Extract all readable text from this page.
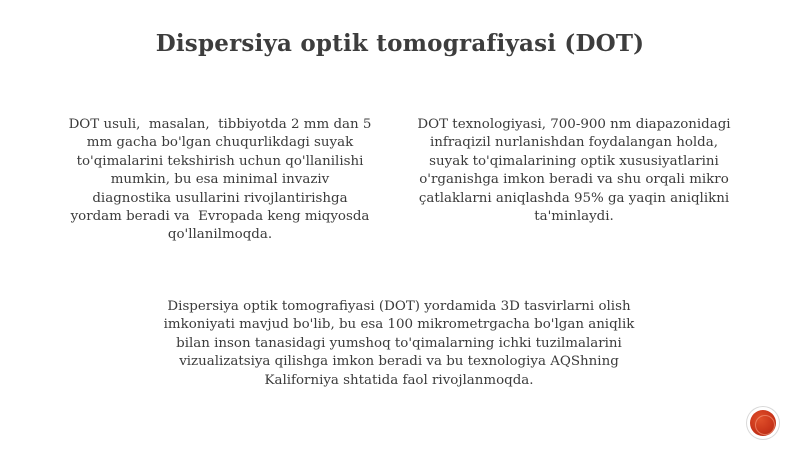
Dispersiya optik tomografiyasi (DOT)
DOT usuli,  masalan,  tibbiyotda 2 mm dan 5
mm gacha bo'lgan chuqurlikdagi suyak
to'qimalarini tekshirish uchun qo'llanilishi
mumkin, bu esa minimal invaziv
diagnostika usullarini rivojlantirishga
yordam beradi va  Evropada keng miqyosda
qo'llanilmoqda.
DOT texnologiyasi, 700-900 nm diapazonidagi
infraqizil nurlanishdan foydalangan holda,
suyak to'qimalarining optik xususiyatlarini
o'rganishga imkon beradi va shu orqali mikro
çatlaklarni aniqlashda 95% ga yaqin aniqlikni
ta'minlaydi.
Dispersiya optik tomografiyasi (DOT) yordamida 3D tasvirlarni olish
imkoniyati mavjud bo'lib, bu esa 100 mikrometrgacha bo'lgan aniqlik
bilan inson tanasidagi yumshoq to'qimalarning ichki tuzilmalarini
vizualizatsiya qilishga imkon beradi va bu texnologiya AQShning
Kaliforniya shtatida faol rivojlanmoqda.
